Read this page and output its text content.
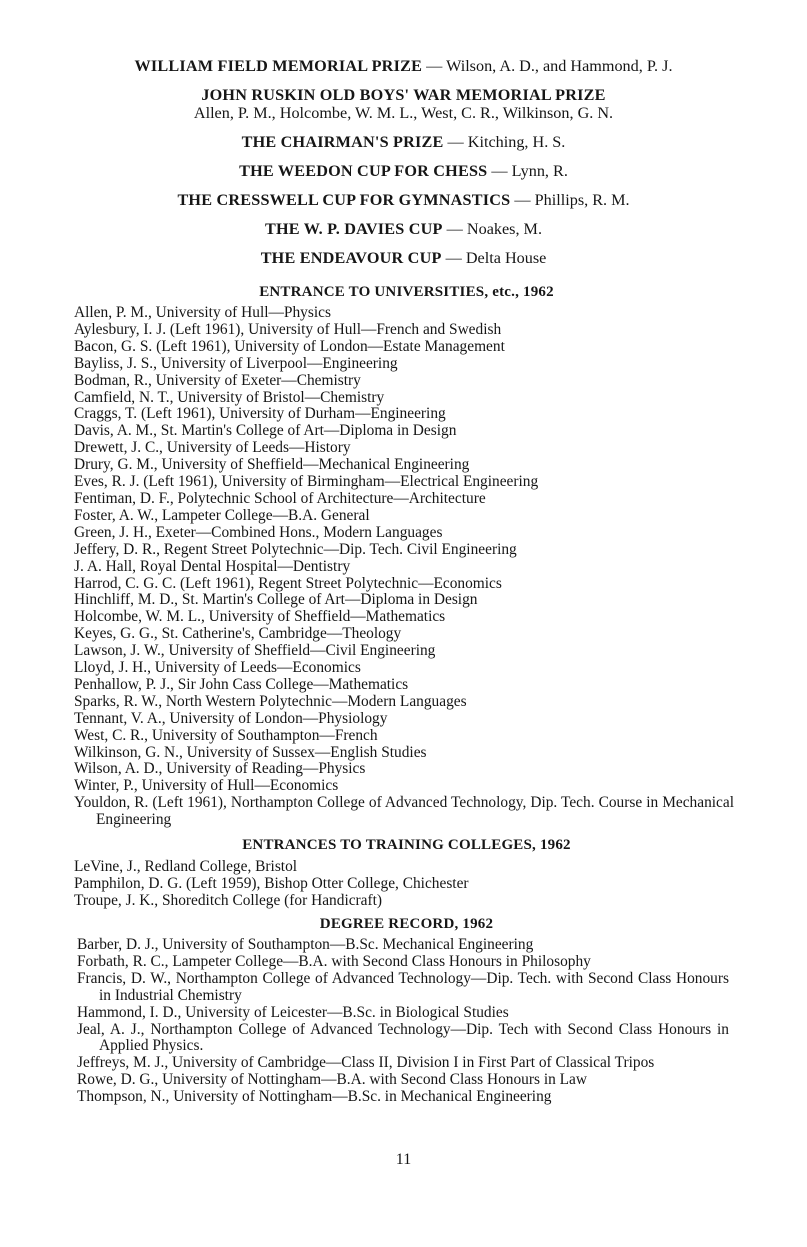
WILLIAM FIELD MEMORIAL PRIZE — Wilson, A. D., and Hammond, P. J.
JOHN RUSKIN OLD BOYS' WAR MEMORIAL PRIZE
Allen, P. M., Holcombe, W. M. L., West, C. R., Wilkinson, G. N.
THE CHAIRMAN'S PRIZE — Kitching, H. S.
THE WEEDON CUP FOR CHESS — Lynn, R.
THE CRESSWELL CUP FOR GYMNASTICS — Phillips, R. M.
THE W. P. DAVIES CUP — Noakes, M.
THE ENDEAVOUR CUP — Delta House
ENTRANCE TO UNIVERSITIES, etc., 1962
Allen, P. M., University of Hull—Physics
Aylesbury, I. J. (Left 1961), University of Hull—French and Swedish
Bacon, G. S. (Left 1961), University of London—Estate Management
Bayliss, J. S., University of Liverpool—Engineering
Bodman, R., University of Exeter—Chemistry
Camfield, N. T., University of Bristol—Chemistry
Craggs, T. (Left 1961), University of Durham—Engineering
Davis, A. M., St. Martin's College of Art—Diploma in Design
Drewett, J. C., University of Leeds—History
Drury, G. M., University of Sheffield—Mechanical Engineering
Eves, R. J. (Left 1961), University of Birmingham—Electrical Engineering
Fentiman, D. F., Polytechnic School of Architecture—Architecture
Foster, A. W., Lampeter College—B.A. General
Green, J. H., Exeter—Combined Hons., Modern Languages
Jeffery, D. R., Regent Street Polytechnic—Dip. Tech. Civil Engineering
J. A. Hall, Royal Dental Hospital—Dentistry
Harrod, C. G. C. (Left 1961), Regent Street Polytechnic—Economics
Hinchliff, M. D., St. Martin's College of Art—Diploma in Design
Holcombe, W. M. L., University of Sheffield—Mathematics
Keyes, G. G., St. Catherine's, Cambridge—Theology
Lawson, J. W., University of Sheffield—Civil Engineering
Lloyd, J. H., University of Leeds—Economics
Penhallow, P. J., Sir John Cass College—Mathematics
Sparks, R. W., North Western Polytechnic—Modern Languages
Tennant, V. A., University of London—Physiology
West, C. R., University of Southampton—French
Wilkinson, G. N., University of Sussex—English Studies
Wilson, A. D., University of Reading—Physics
Winter, P., University of Hull—Economics
Youldon, R. (Left 1961), Northampton College of Advanced Technology, Dip. Tech. Course in Mechanical Engineering
ENTRANCES TO TRAINING COLLEGES, 1962
LeVine, J., Redland College, Bristol
Pamphilon, D. G. (Left 1959), Bishop Otter College, Chichester
Troupe, J. K., Shoreditch College (for Handicraft)
DEGREE RECORD, 1962
Barber, D. J., University of Southampton—B.Sc. Mechanical Engineering
Forbath, R. C., Lampeter College—B.A. with Second Class Honours in Philosophy
Francis, D. W., Northampton College of Advanced Technology—Dip. Tech. with Second Class Honours in Industrial Chemistry
Hammond, I. D., University of Leicester—B.Sc. in Biological Studies
Jeal, A. J., Northampton College of Advanced Technology—Dip. Tech with Second Class Honours in Applied Physics.
Jeffreys, M. J., University of Cambridge—Class II, Division I in First Part of Classical Tripos
Rowe, D. G., University of Nottingham—B.A. with Second Class Honours in Law
Thompson, N., University of Nottingham—B.Sc. in Mechanical Engineering
11
